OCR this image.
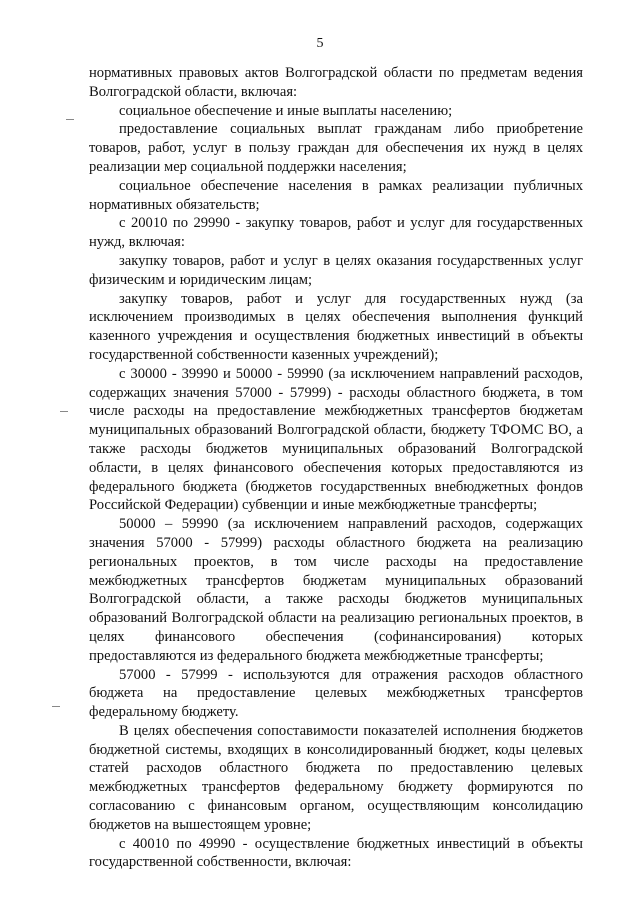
5

нормативных правовых актов Волгоградской области по предметам ведения Волгоградской области, включая:

социальное обеспечение и иные выплаты населению;

предоставление социальных выплат гражданам либо приобретение товаров, работ, услуг в пользу граждан для обеспечения их нужд в целях реализации мер социальной поддержки населения;

социальное обеспечение населения в рамках реализации публичных нормативных обязательств;

с 20010 по 29990 - закупку товаров, работ и услуг для государственных нужд, включая:

закупку товаров, работ и услуг в целях оказания государственных услуг физическим и юридическим лицам;

закупку товаров, работ и услуг для государственных нужд (за исключением производимых в целях обеспечения выполнения функций казенного учреждения и осуществления бюджетных инвестиций в объекты государственной собственности казенных учреждений);

с 30000 - 39990 и 50000 - 59990 (за исключением направлений расходов, содержащих значения 57000 - 57999) - расходы областного бюджета, в том числе расходы на предоставление межбюджетных трансфертов бюджетам муниципальных образований Волгоградской области, бюджету ТФОМС ВО, а также расходы бюджетов муниципальных образований Волгоградской области, в целях финансового обеспечения которых предоставляются из федерального бюджета (бюджетов государственных внебюджетных фондов Российской Федерации) субвенции и иные межбюджетные трансферты;

50000 – 59990 (за исключением направлений расходов, содержащих значения 57000 - 57999) расходы областного бюджета на реализацию региональных проектов, в том числе расходы на предоставление межбюджетных трансфертов бюджетам муниципальных образований Волгоградской области, а также расходы бюджетов муниципальных образований Волгоградской области на реализацию региональных проектов, в целях финансового обеспечения (софинансирования) которых предоставляются из федерального бюджета межбюджетные трансферты;

57000 - 57999 - используются для отражения расходов областного бюджета на предоставление целевых межбюджетных трансфертов федеральному бюджету.

В целях обеспечения сопоставимости показателей исполнения бюджетов бюджетной системы, входящих в консолидированный бюджет, коды целевых статей расходов областного бюджета по предоставлению целевых межбюджетных трансфертов федеральному бюджету формируются по согласованию с финансовым органом, осуществляющим консолидацию бюджетов на вышестоящем уровне;

с 40010 по 49990 - осуществление бюджетных инвестиций в объекты государственной собственности, включая:
